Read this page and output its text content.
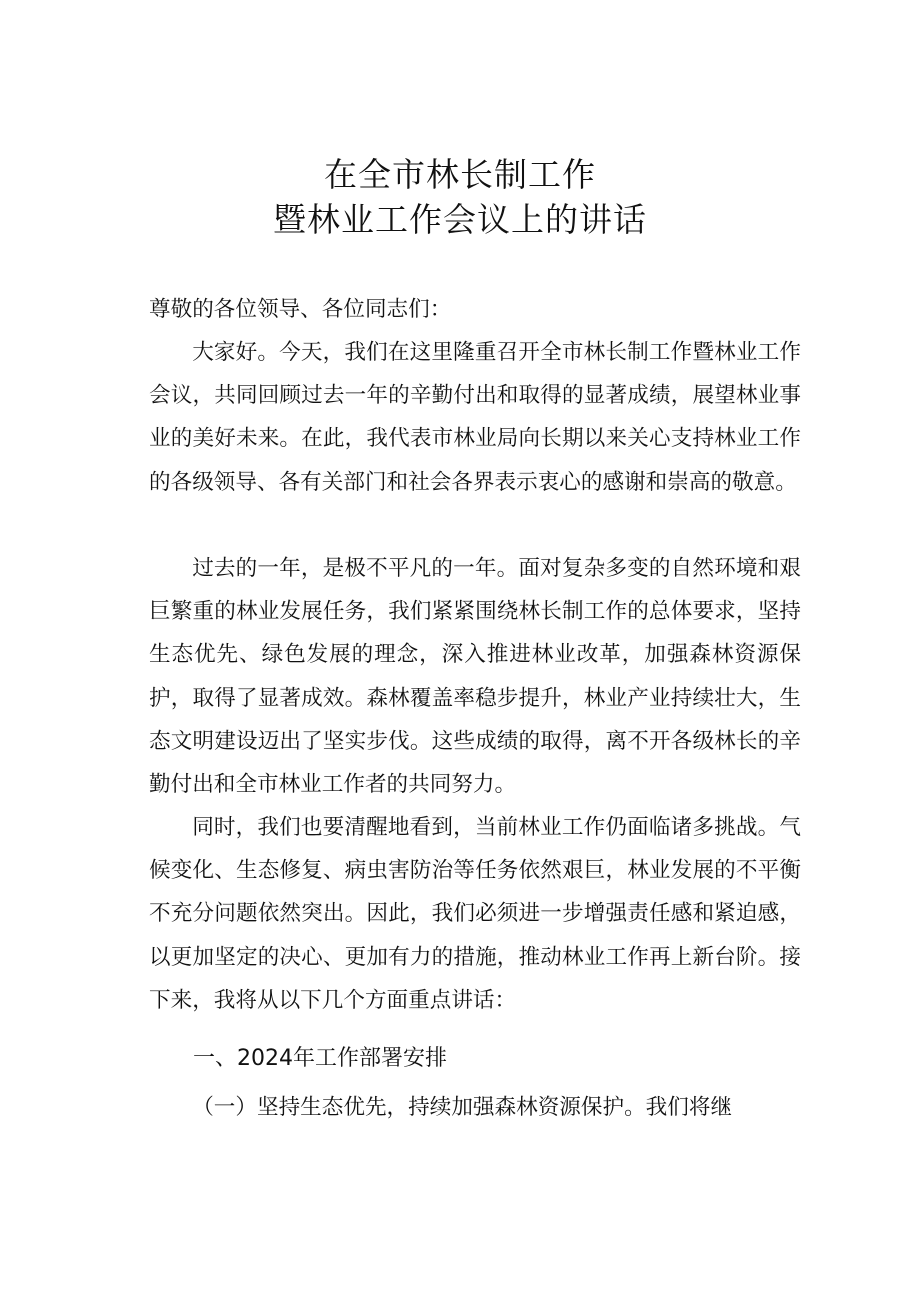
在全市林长制工作
暨林业工作会议上的讲话

尊敬的各位领导、各位同志们：

大家好。今天，我们在这里隆重召开全市林长制工作暨林业工作会议，共同回顾过去一年的辛勤付出和取得的显著成绩，展望林业事业的美好未来。在此，我代表市林业局向长期以来关心支持林业工作的各级领导、各有关部门和社会各界表示衷心的感谢和崇高的敬意。

过去的一年，是极不平凡的一年。面对复杂多变的自然环境和艰巨繁重的林业发展任务，我们紧紧围绕林长制工作的总体要求，坚持生态优先、绿色发展的理念，深入推进林业改革，加强森林资源保护，取得了显著成效。森林覆盖率稳步提升，林业产业持续壮大，生态文明建设迈出了坚实步伐。这些成绩的取得，离不开各级林长的辛勤付出和全市林业工作者的共同努力。

同时，我们也要清醒地看到，当前林业工作仍面临诸多挑战。气候变化、生态修复、病虫害防治等任务依然艰巨，林业发展的不平衡不充分问题依然突出。因此，我们必须进一步增强责任感和紧迫感，以更加坚定的决心、更加有力的措施，推动林业工作再上新台阶。接下来，我将从以下几个方面重点讲话：

一、2024年工作部署安排

（一）坚持生态优先，持续加强森林资源保护。我们将继
